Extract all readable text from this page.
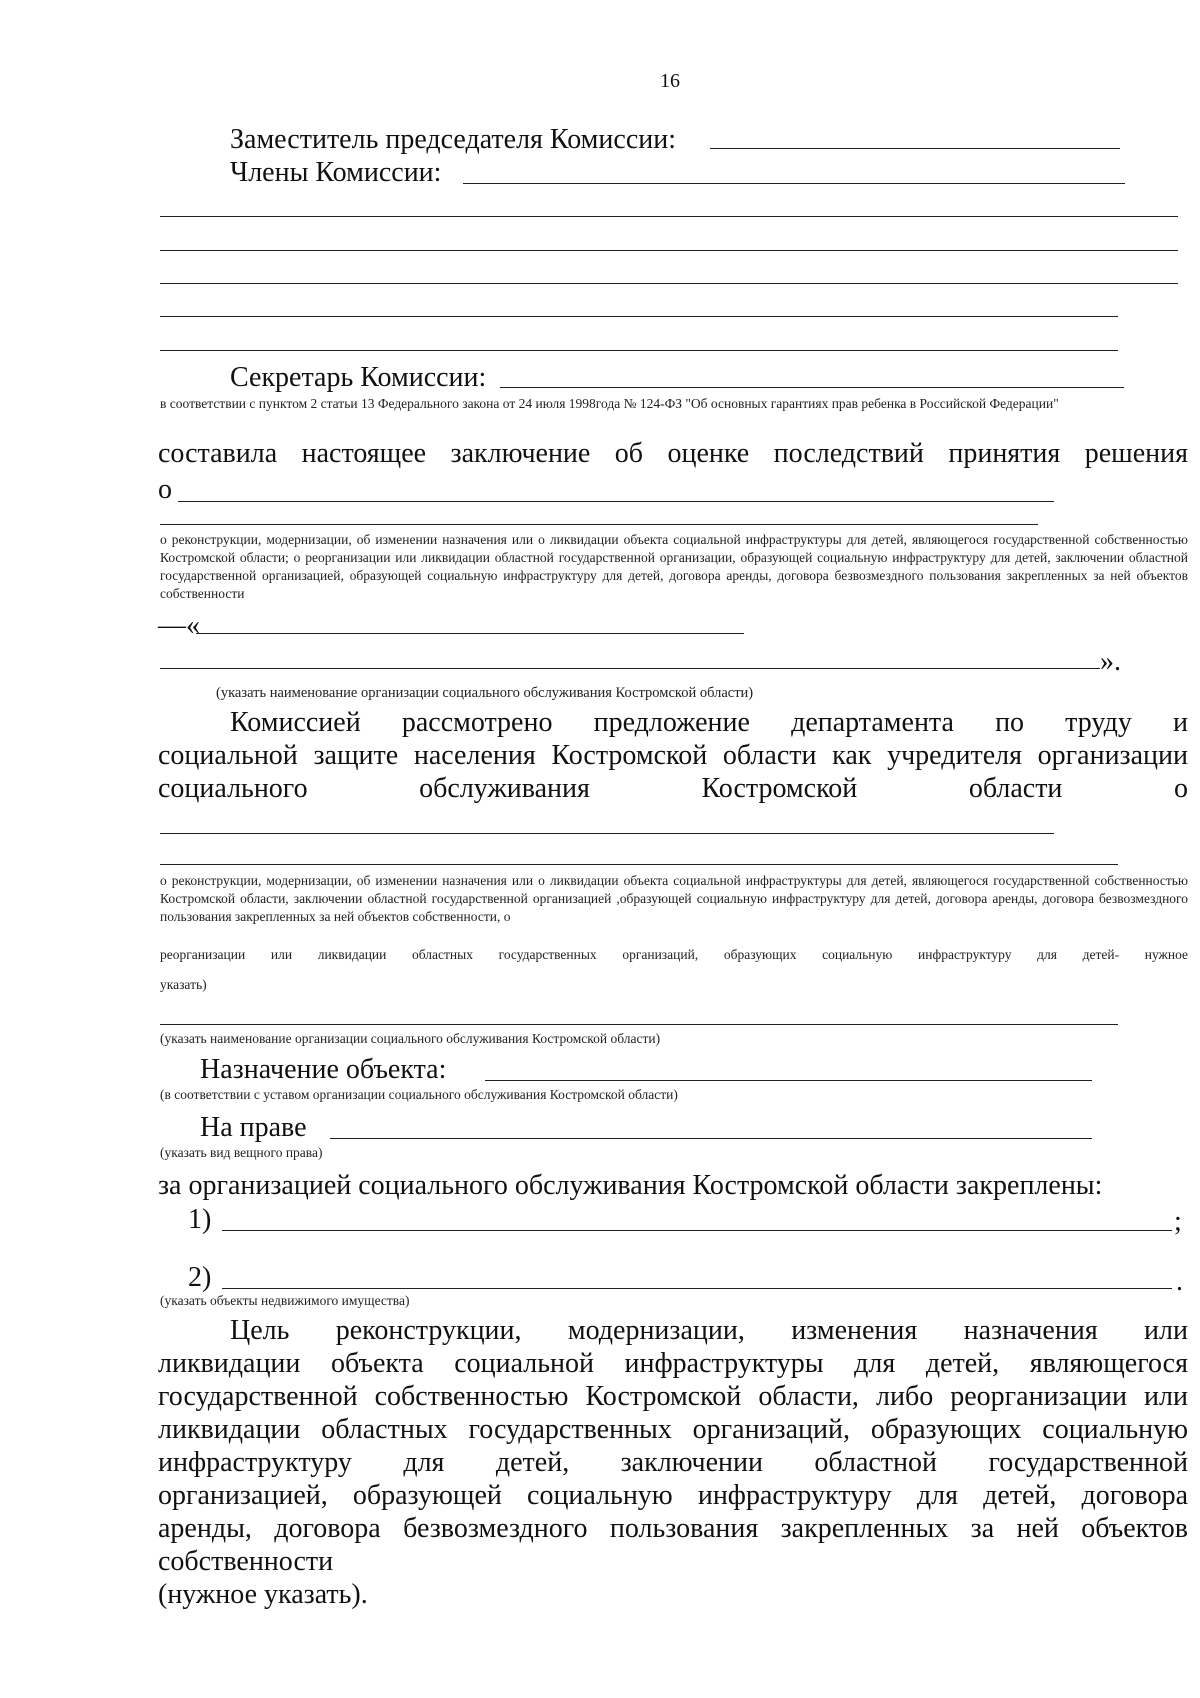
16
Заместитель председателя Комиссии:
Члены Комиссии:
Секретарь Комиссии:
в соответствии с пунктом 2 статьи 13 Федерального закона от 24 июля 1998года № 124-ФЗ "Об основных гарантиях прав ребенка в Российской Федерации"
составила настоящее заключение об оценке последствий принятия решения
о
о реконструкции, модернизации, об изменении назначения или о ликвидации объекта социальной инфраструктуры для детей, являющегося государственной собственностью Костромской области; о реорганизации или ликвидации областной государственной организации, образующей социальную инфраструктуру для детей, заключении областной государственной организацией, образующей социальную инфраструктуру для детей, договора аренды, договора безвозмездного пользования закрепленных за ней объектов собственности
—«
».
(указать наименование организации социального обслуживания Костромской области)
Комиссией рассмотрено предложение департамента по труду и
социальной защите населения Костромской области как учредителя организации
социального обслуживания Костромской области о
о реконструкции, модернизации, об изменении назначения или о ликвидации объекта социальной инфраструктуры для детей, являющегося государственной собственностью Костромской области, заключении областной государственной организацией ,образующей социальную инфраструктуру для детей, договора аренды, договора безвозмездного пользования закрепленных за ней объектов собственности, о
реорганизации или ликвидации областных государственных организаций, образующих социальную инфраструктуру для детей- нужное
указать)
(указать наименование организации социального обслуживания Костромской области)
Назначение объекта:
(в соответствии с уставом организации социального обслуживания Костромской области)
На праве
(указать вид вещного права)
за организацией социального обслуживания Костромской области закреплены:
1)	;
2)	.
(указать объекты недвижимого имущества)
Цель реконструкции, модернизации, изменения назначения или
ликвидации объекта социальной инфраструктуры для детей, являющегося
государственной собственностью Костромской области, либо реорганизации или
ликвидации областных государственных организаций, образующих социальную
инфраструктуру для детей, заключении областной государственной
организацией, образующей социальную инфраструктуру для детей, договора
аренды, договора безвозмездного пользования закрепленных за ней объектов
собственности
(нужное указать).
